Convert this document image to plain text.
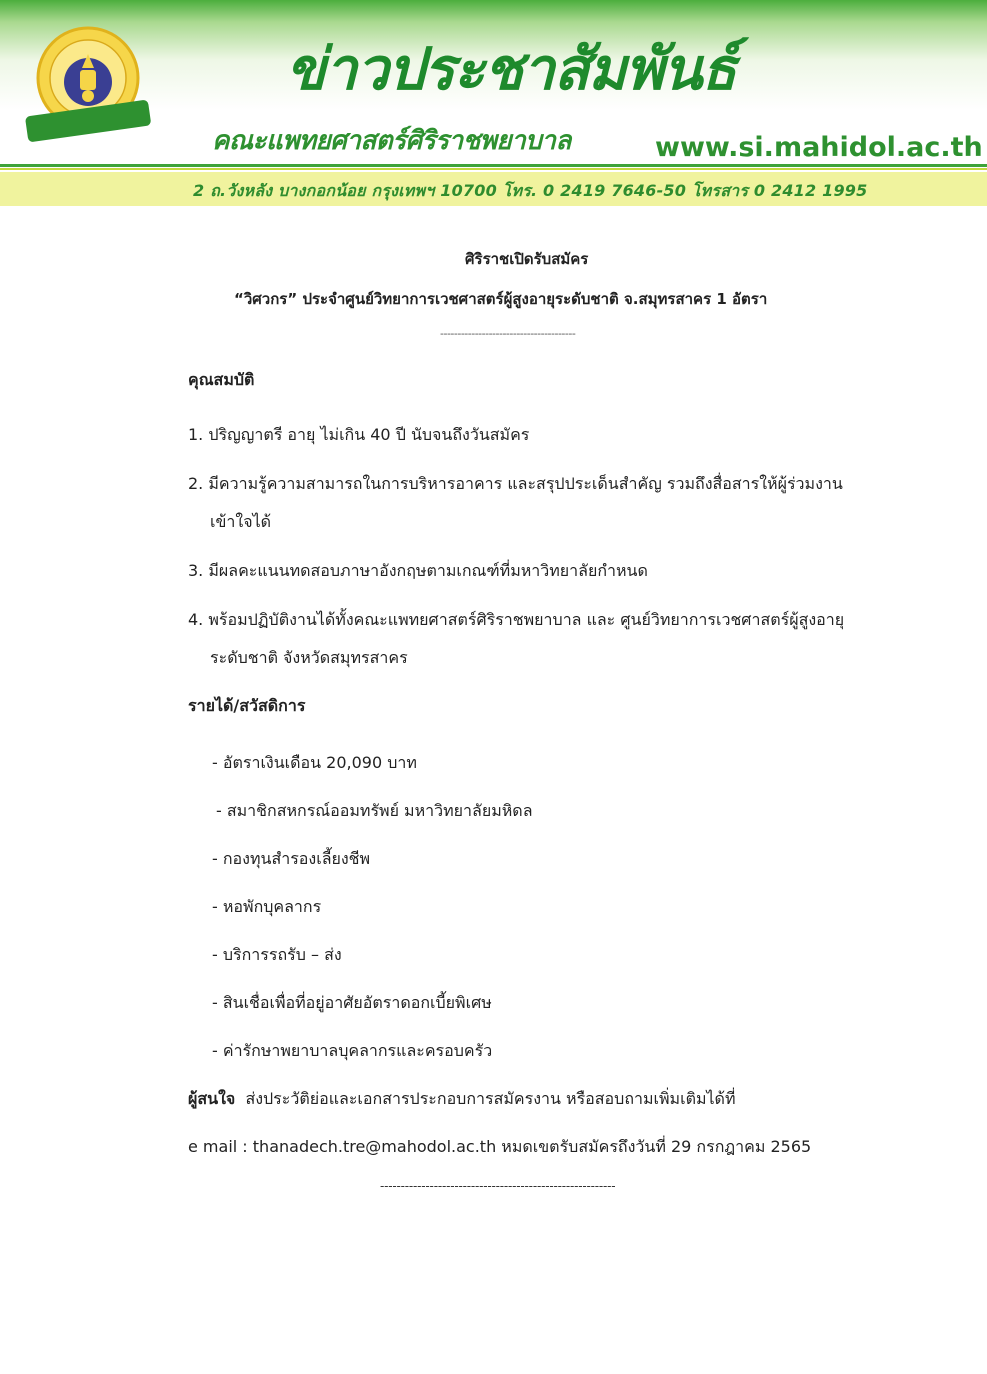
2 ถ.วังหลัง บางกอกน้อย กรุงเทพฯ 10700 โทร. 0 2419 7646-50 โทรสาร 0 2412 1995
ข่าวประชาสัมพันธ์
คณะแพทยศาสตร์ศิริราชพยาบาล	www.si.mahidol.ac.th
ศิริราชเปิดรับสมัคร
“วิศวกร” ประจำศูนย์วิทยาการเวชศาสตร์ผู้สูงอายุระดับชาติ จ.สมุทรสาคร 1 อัตรา
---------------------------------------
คุณสมบัติ
1. ปริญญาตรี อายุ ไม่เกิน 40 ปี นับจนถึงวันสมัคร
2. มีความรู้ความสามารถในการบริหารอาคาร และสรุปประเด็นสำคัญ รวมถึงสื่อสารให้ผู้ร่วมงาน
เข้าใจได้
3. มีผลคะแนนทดสอบภาษาอังกฤษตามเกณฑ์ที่มหาวิทยาลัยกำหนด
4. พร้อมปฏิบัติงานได้ทั้งคณะแพทยศาสตร์ศิริราชพยาบาล และ ศูนย์วิทยาการเวชศาสตร์ผู้สูงอายุ
ระดับชาติ จังหวัดสมุทรสาคร
รายได้/สวัสดิการ
- อัตราเงินเดือน 20,090 บาท
- สมาชิกสหกรณ์ออมทรัพย์ มหาวิทยาลัยมหิดล
- กองทุนสำรองเลี้ยงชีพ
- หอพักบุคลากร
- บริการรถรับ – ส่ง
- สินเชื่อเพื่อที่อยู่อาศัยอัตราดอกเบี้ยพิเศษ
- ค่ารักษาพยาบาลบุคลากรและครอบครัว
ผู้สนใจ ส่งประวัติย่อและเอกสารประกอบการสมัครงาน หรือสอบถามเพิ่มเติมได้ที่
e mail : thanadech.tre@mahodol.ac.th หมดเขตรับสมัครถึงวันที่ 29 กรกฎาคม 2565
---------------------------------------------------------
